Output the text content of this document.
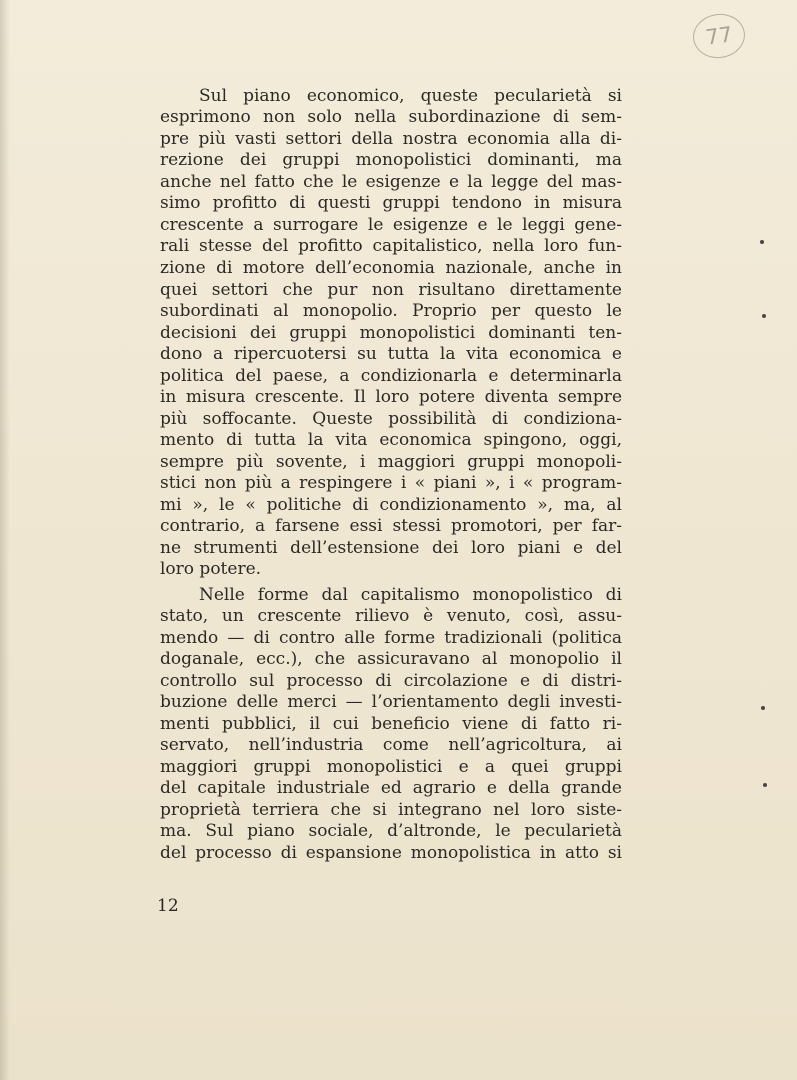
77
Sul piano economico, queste pecularietà si
esprimono non solo nella subordinazione di sem-
pre più vasti settori della nostra economia alla di-
rezione dei gruppi monopolistici dominanti, ma
anche nel fatto che le esigenze e la legge del mas-
simo profitto di questi gruppi tendono in misura
crescente a surrogare le esigenze e le leggi gene-
rali stesse del profitto capitalistico, nella loro fun-
zione di motore dell’economia nazionale, anche in
quei settori che pur non risultano direttamente
subordinati al monopolio. Proprio per questo le
decisioni dei gruppi monopolistici dominanti ten-
dono a ripercuotersi su tutta la vita economica e
politica del paese, a condizionarla e determinarla
in misura crescente. Il loro potere diventa sempre
più soffocante. Queste possibilità di condiziona-
mento di tutta la vita economica spingono, oggi,
sempre più sovente, i maggiori gruppi monopoli-
stici non più a respingere i « piani », i « program-
mi », le « politiche di condizionamento », ma, al
contrario, a farsene essi stessi promotori, per far-
ne strumenti dell’estensione dei loro piani e del
loro potere.
Nelle forme dal capitalismo monopolistico di
stato, un crescente rilievo è venuto, così, assu-
mendo — di contro alle forme tradizionali (politica
doganale, ecc.), che assicuravano al monopolio il
controllo sul processo di circolazione e di distri-
buzione delle merci — l’orientamento degli investi-
menti pubblici, il cui beneficio viene di fatto ri-
servato, nell’industria come nell’agricoltura, ai
maggiori gruppi monopolistici e a quei gruppi
del capitale industriale ed agrario e della grande
proprietà terriera che si integrano nel loro siste-
ma. Sul piano sociale, d’altronde, le pecularietà
del processo di espansione monopolistica in atto si
12
